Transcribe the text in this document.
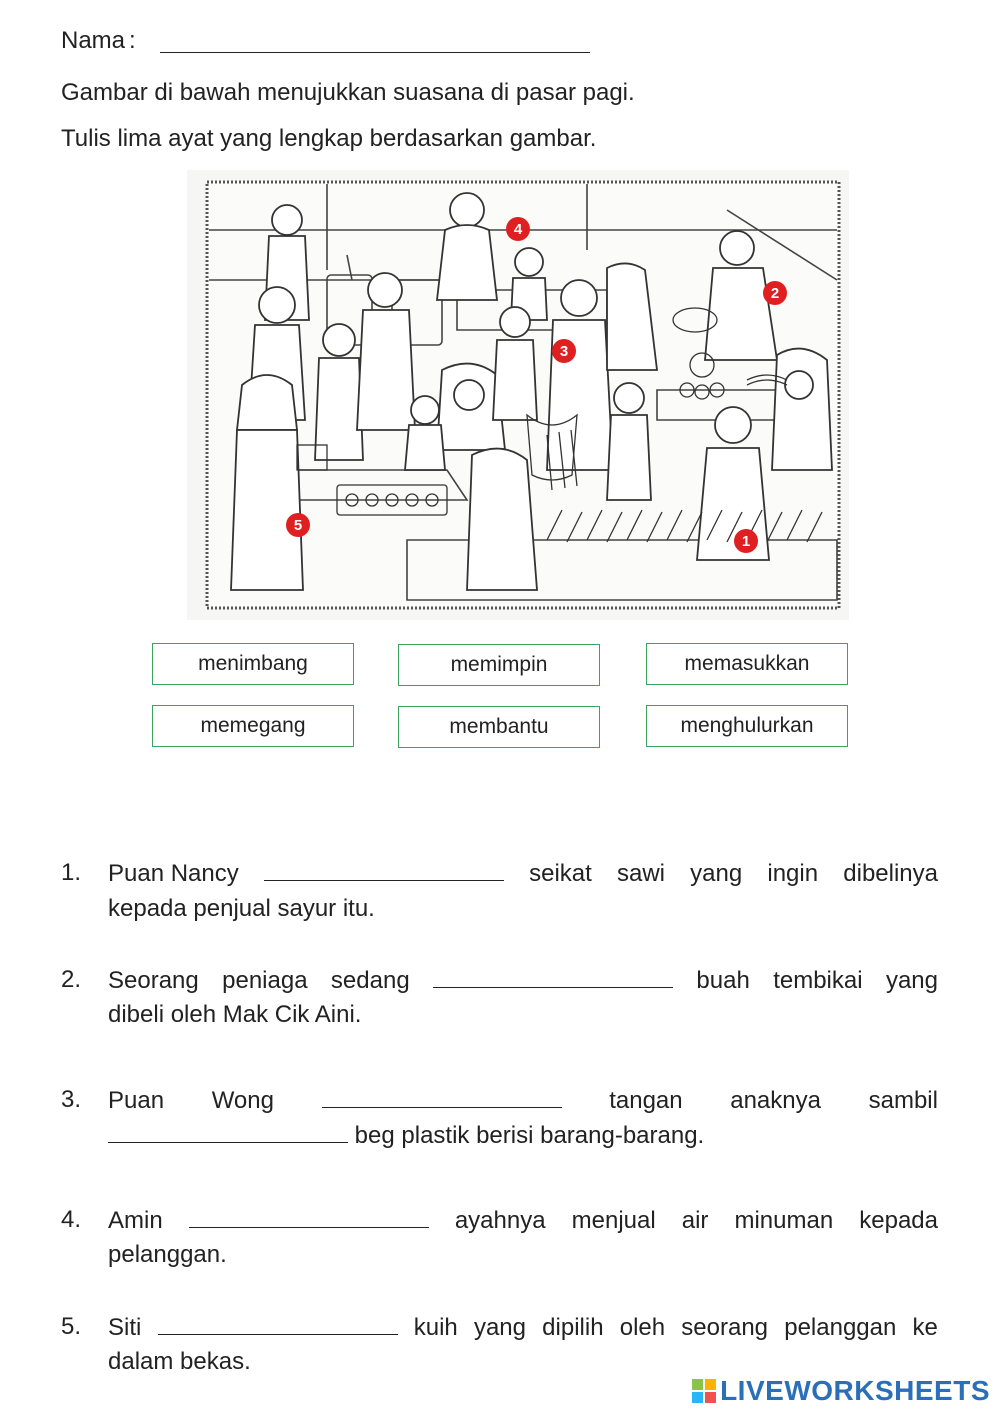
Nama :
Gambar di bawah menujukkan suasana di pasar pagi.
Tulis lima ayat yang lengkap berdasarkan gambar.
1
2
3
4
5
menimbang	memimpin	memasukkan
memegang	membantu	menghulurkan
1. Puan Nancy	seikat sawi yang ingin dibelinya
kepada penjual sayur itu.
2. Seorang peniaga sedang	buah tembikai yang
dibeli oleh Mak Cik Aini.
3. Puan Wong	tangan anaknya sambil
beg plastik berisi barang-barang.
4. Amin	ayahnya menjual air minuman kepada
pelanggan.
5. Siti	kuih yang dipilih oleh seorang pelanggan ke
dalam bekas.
LIVEWORKSHEETS
